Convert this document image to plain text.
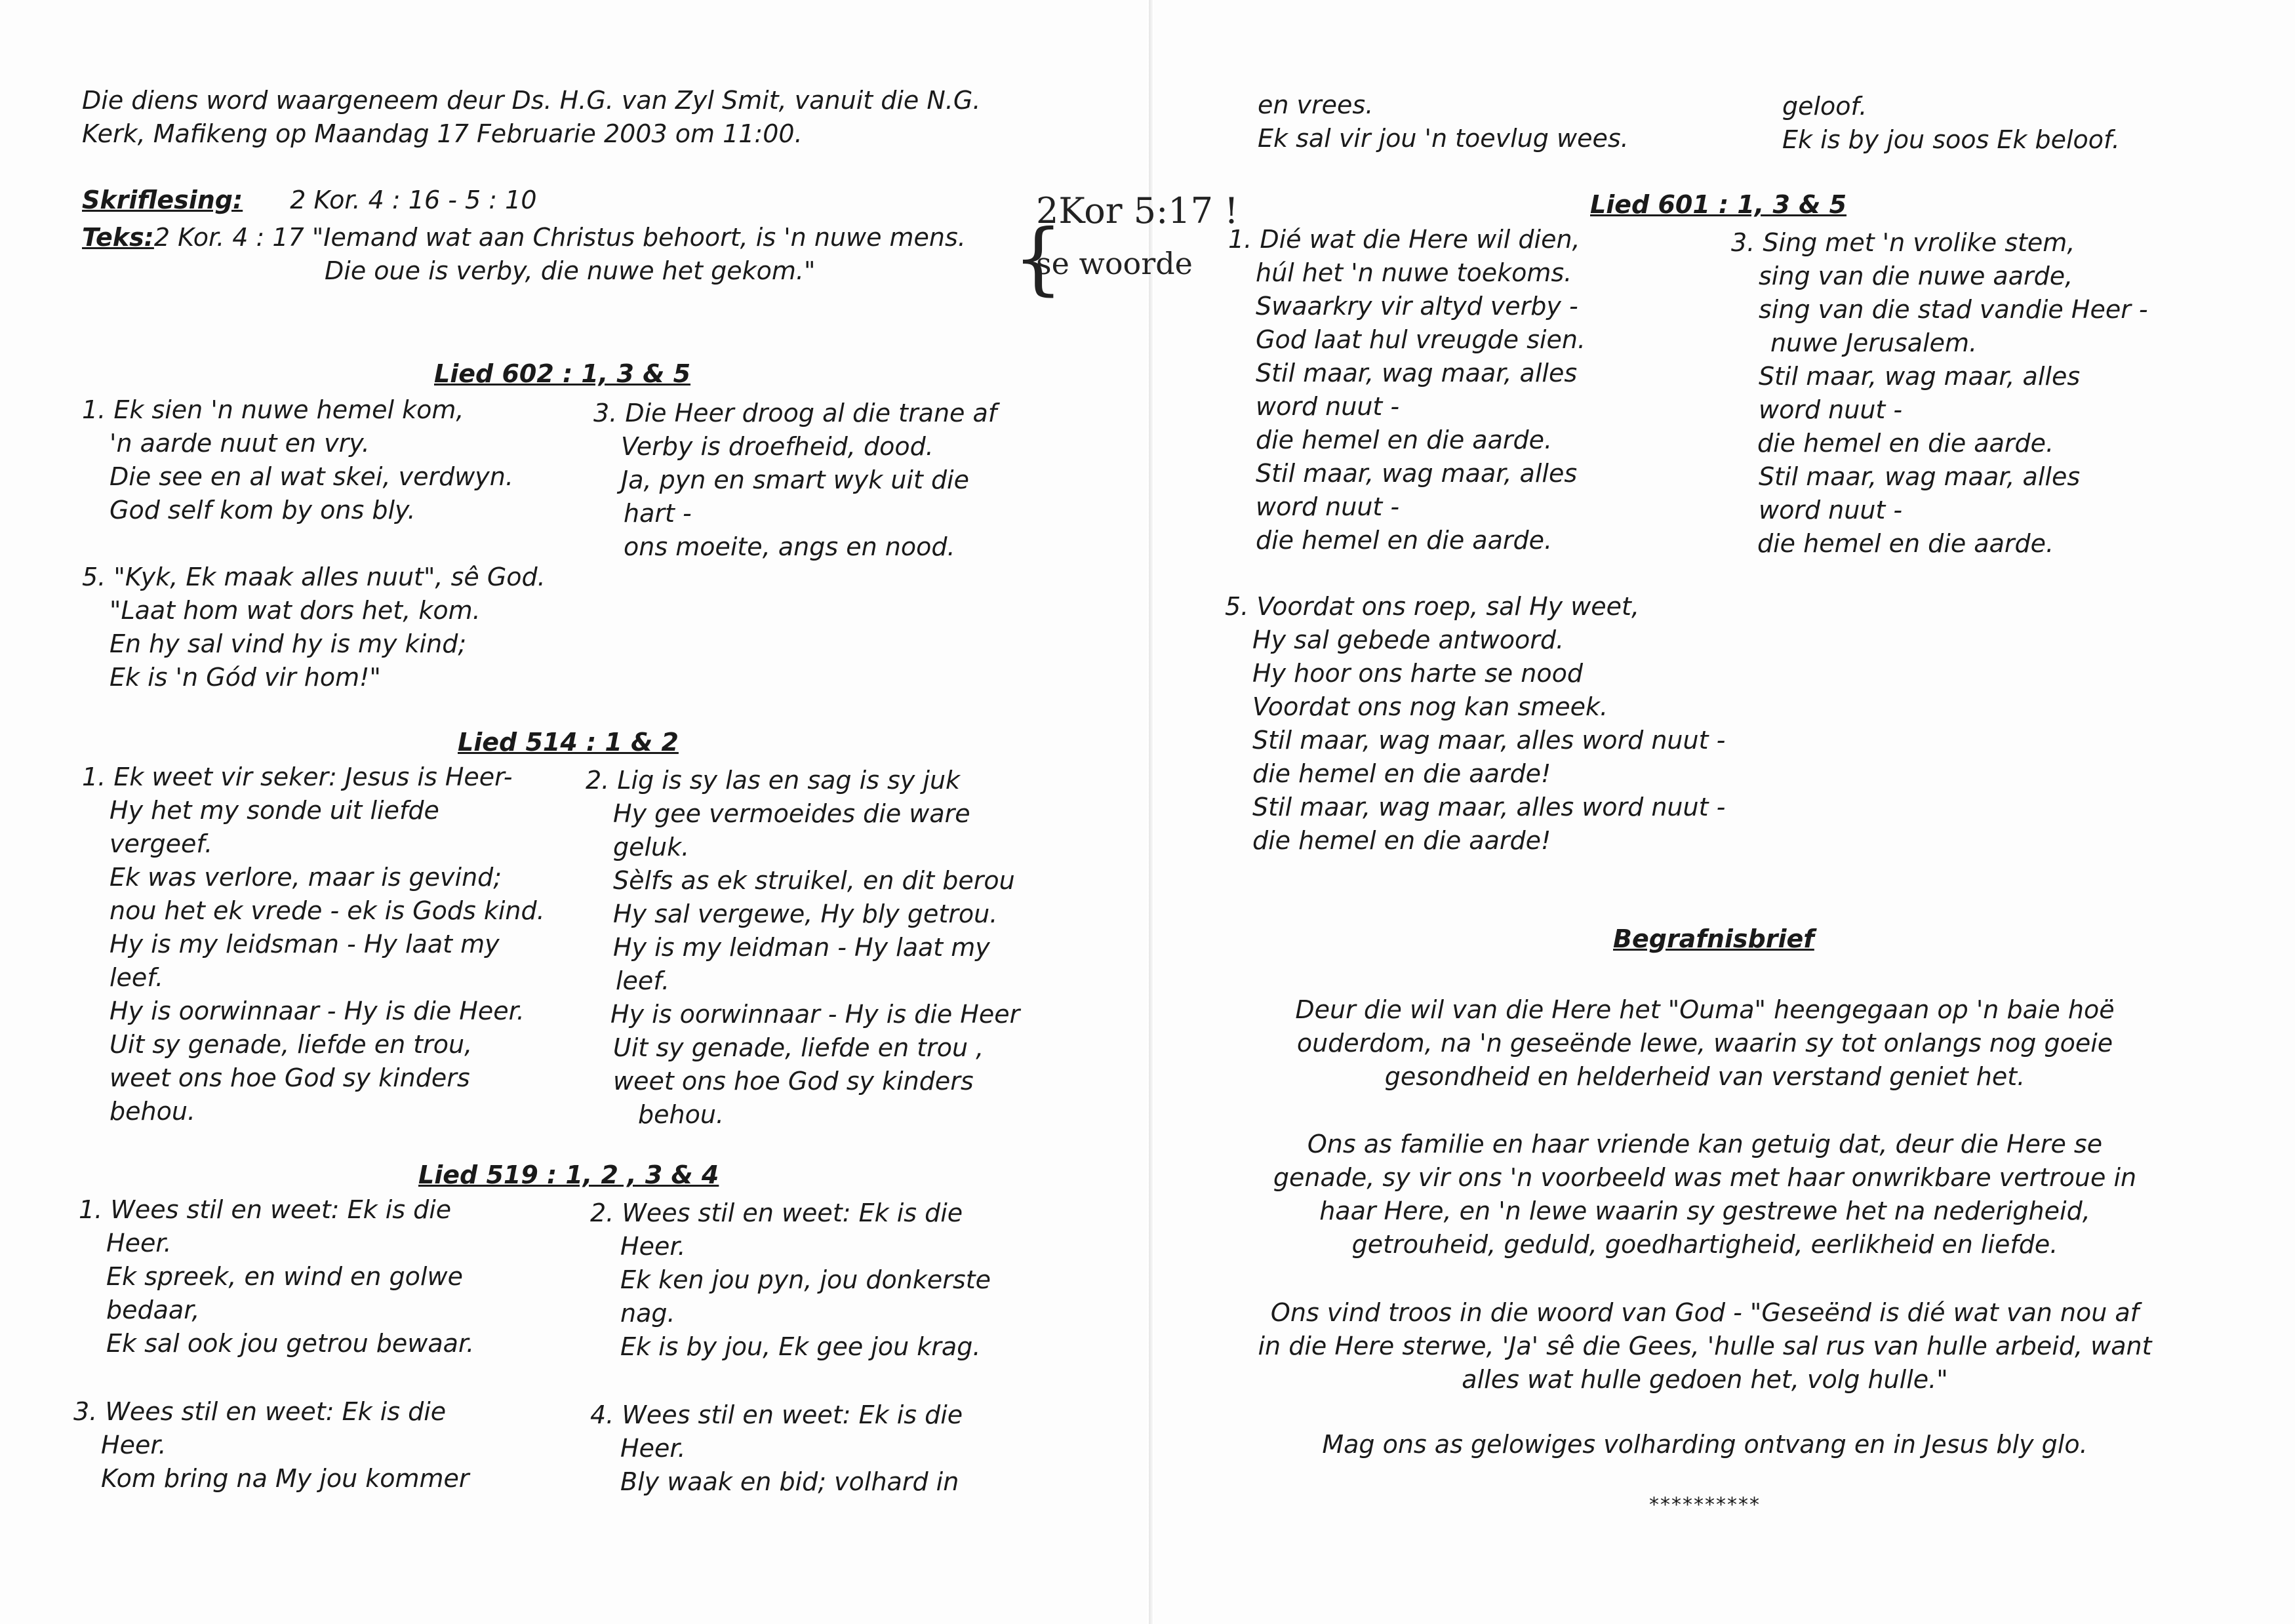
Die diens word waargeneem deur Ds. H.G. van Zyl Smit, vanuit die N.G.
Kerk, Mafikeng op Maandag 17 Februarie 2003 om 11:00.
Skriflesing: 2 Kor. 4 : 16 - 5 : 10
Teks:2 Kor. 4 : 17 "Iemand wat aan Christus behoort, is 'n nuwe mens.
Die oue is verby, die nuwe het gekom."	{
2Kor 5:17 !
se woorde
Lied 602 : 1, 3 & 5
1. Ek sien 'n nuwe hemel kom,
'n aarde nuut en vry.
Die see en al wat skei, verdwyn.
God self kom by ons bly.
3. Die Heer droog al die trane af
Verby is droefheid, dood.
Ja, pyn en smart wyk uit die
hart -
ons moeite, angs en nood.
5. "Kyk, Ek maak alles nuut", sê God.
"Laat hom wat dors het, kom.
En hy sal vind hy is my kind;
Ek is 'n Gód vir hom!"
Lied 514 : 1 & 2
1. Ek weet vir seker: Jesus is Heer-
Hy het my sonde uit liefde
vergeef.
Ek was verlore, maar is gevind;
nou het ek vrede - ek is Gods kind.
Hy is my leidsman - Hy laat my
leef.
Hy is oorwinnaar - Hy is die Heer.
Uit sy genade, liefde en trou,
weet ons hoe God sy kinders
behou.
2. Lig is sy las en sag is sy juk
Hy gee vermoeides die ware
geluk.
Sèlfs as ek struikel, en dit berou
Hy sal vergewe, Hy bly getrou.
Hy is my leidman - Hy laat my
leef.
Hy is oorwinnaar - Hy is die Heer
Uit sy genade, liefde en trou ,
weet ons hoe God sy kinders
behou.
Lied 519 : 1, 2 , 3 & 4
1. Wees stil en weet: Ek is die
Heer.
Ek spreek, en wind en golwe
bedaar,
Ek sal ook jou getrou bewaar.
2. Wees stil en weet: Ek is die
Heer.
Ek ken jou pyn, jou donkerste
nag.
Ek is by jou, Ek gee jou krag.
3. Wees stil en weet: Ek is die
Heer.
Kom bring na My jou kommer
4. Wees stil en weet: Ek is die
Heer.
Bly waak en bid; volhard in
en vrees.
Ek sal vir jou 'n toevlug wees.
geloof.
Ek is by jou soos Ek beloof.
Lied 601 : 1, 3 & 5
1. Dié wat die Here wil dien,
húl het 'n nuwe toekoms.
Swaarkry vir altyd verby -
God laat hul vreugde sien.
Stil maar, wag maar, alles
word nuut -
die hemel en die aarde.
Stil maar, wag maar, alles
word nuut -
die hemel en die aarde.
3. Sing met 'n vrolike stem,
sing van die nuwe aarde,
sing van die stad vandie Heer -
nuwe Jerusalem.
Stil maar, wag maar, alles
word nuut -
die hemel en die aarde.
Stil maar, wag maar, alles
word nuut -
die hemel en die aarde.
5. Voordat ons roep, sal Hy weet,
Hy sal gebede antwoord.
Hy hoor ons harte se nood
Voordat ons nog kan smeek.
Stil maar, wag maar, alles word nuut -
die hemel en die aarde!
Stil maar, wag maar, alles word nuut -
die hemel en die aarde!
Begrafnisbrief
Deur die wil van die Here het "Ouma" heengegaan op 'n baie hoë
ouderdom, na 'n geseënde lewe, waarin sy tot onlangs nog goeie
gesondheid en helderheid van verstand geniet het.
Ons as familie en haar vriende kan getuig dat, deur die Here se
genade, sy vir ons 'n voorbeeld was met haar onwrikbare vertroue in
haar Here, en 'n lewe waarin sy gestrewe het na nederigheid,
getrouheid, geduld, goedhartigheid, eerlikheid en liefde.
Ons vind troos in die woord van God - "Geseënd is dié wat van nou af
in die Here sterwe, 'Ja' sê die Gees, 'hulle sal rus van hulle arbeid, want
alles wat hulle gedoen het, volg hulle."
Mag ons as gelowiges volharding ontvang en in Jesus bly glo.
**********
